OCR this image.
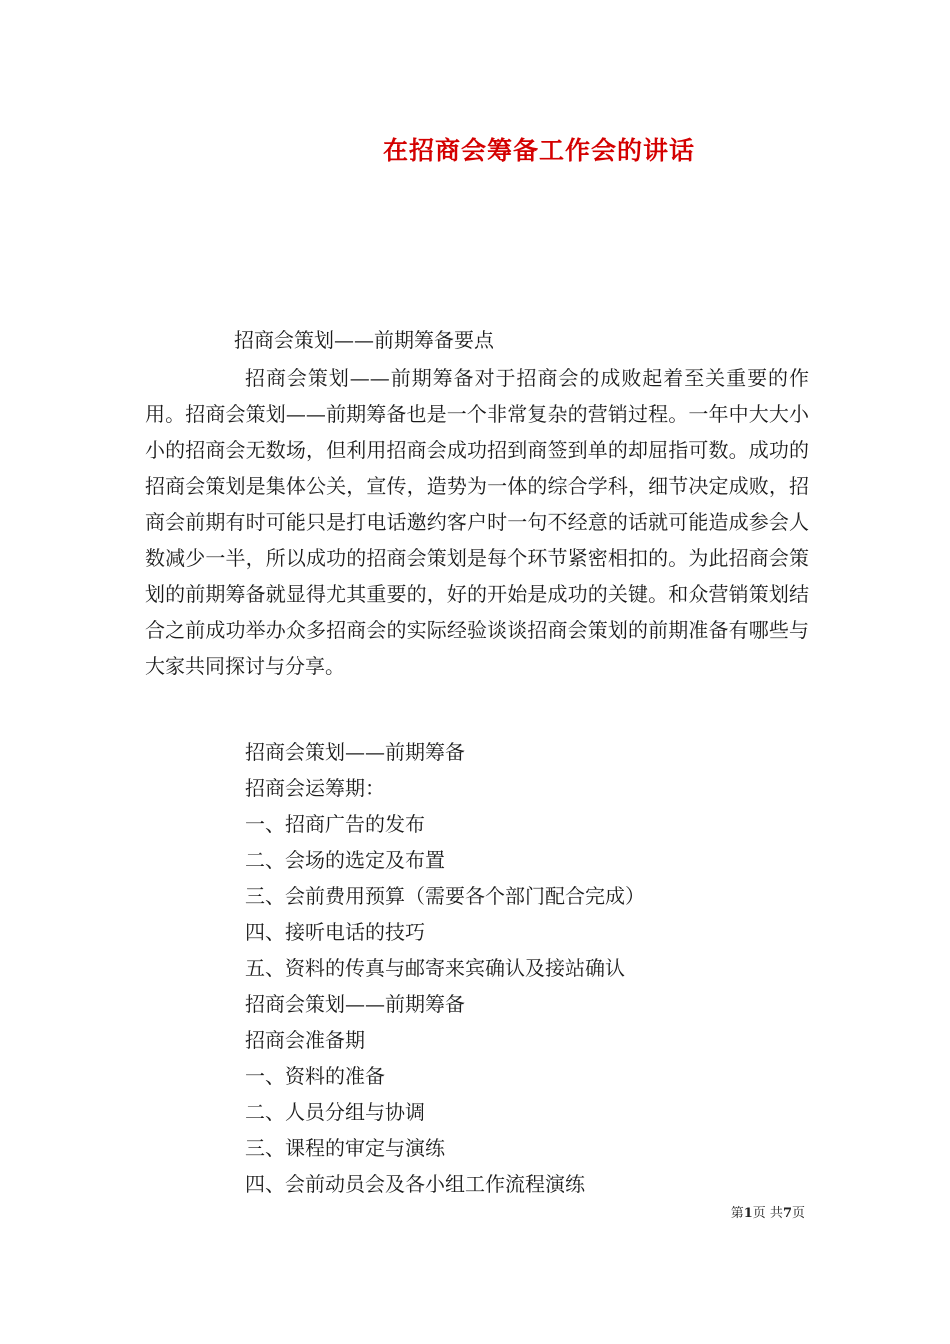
在招商会筹备工作会的讲话
招商会策划——前期筹备要点

招商会策划——前期筹备对于招商会的成败起着至关重要的作用。招商会策划——前期筹备也是一个非常复杂的营销过程。一年中大大小小的招商会无数场，但利用招商会成功招到商签到单的却屈指可数。成功的招商会策划是集体公关，宣传，造势为一体的综合学科，细节决定成败，招商会前期有时可能只是打电话邀约客户时一句不经意的话就可能造成参会人数减少一半，所以成功的招商会策划是每个环节紧密相扣的。为此招商会策划的前期筹备就显得尤其重要的，好的开始是成功的关键。和众营销策划结合之前成功举办众多招商会的实际经验谈谈招商会策划的前期准备有哪些与大家共同探讨与分享。

招商会策划——前期筹备
招商会运筹期：
一、招商广告的发布
二、会场的选定及布置
三、会前费用预算（需要各个部门配合完成）
四、接听电话的技巧
五、资料的传真与邮寄来宾确认及接站确认
招商会策划——前期筹备
招商会准备期
一、资料的准备
二、人员分组与协调
三、课程的审定与演练
四、会前动员会及各小组工作流程演练
第1页 共7页
